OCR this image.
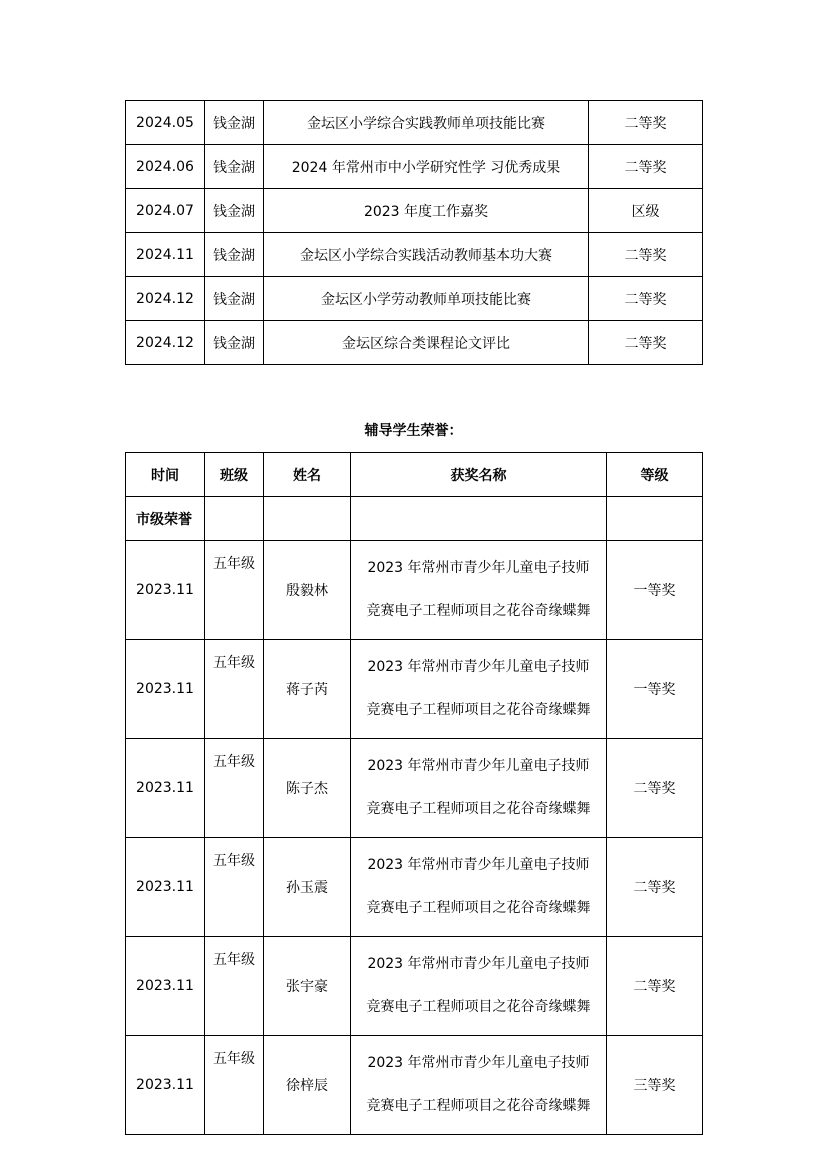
2024.05	钱金湖	金坛区小学综合实践教师单项技能比赛	二等奖
2024.06	钱金湖	2024 年常州市中小学研究性学 习优秀成果	二等奖
2024.07	钱金湖	2023 年度工作嘉奖	区级
2024.11	钱金湖	金坛区小学综合实践活动教师基本功大赛	二等奖
2024.12	钱金湖	金坛区小学劳动教师单项技能比赛	二等奖
2024.12	钱金湖	金坛区综合类课程论文评比	二等奖
辅导学生荣誉：
时间	班级	姓名	获奖名称	等级
市级荣誉				
2023.11	五年级	殷毅林	2023 年常州市青少年儿童电子技师
竞赛电子工程师项目之花谷奇缘蝶舞	一等奖
2023.11	五年级	蒋子芮	2023 年常州市青少年儿童电子技师
竞赛电子工程师项目之花谷奇缘蝶舞	一等奖
2023.11	五年级	陈子杰	2023 年常州市青少年儿童电子技师
竞赛电子工程师项目之花谷奇缘蝶舞	二等奖
2023.11	五年级	孙玉震	2023 年常州市青少年儿童电子技师
竞赛电子工程师项目之花谷奇缘蝶舞	二等奖
2023.11	五年级	张宇豪	2023 年常州市青少年儿童电子技师
竞赛电子工程师项目之花谷奇缘蝶舞	二等奖
2023.11	五年级	徐梓辰	2023 年常州市青少年儿童电子技师
竞赛电子工程师项目之花谷奇缘蝶舞	三等奖
